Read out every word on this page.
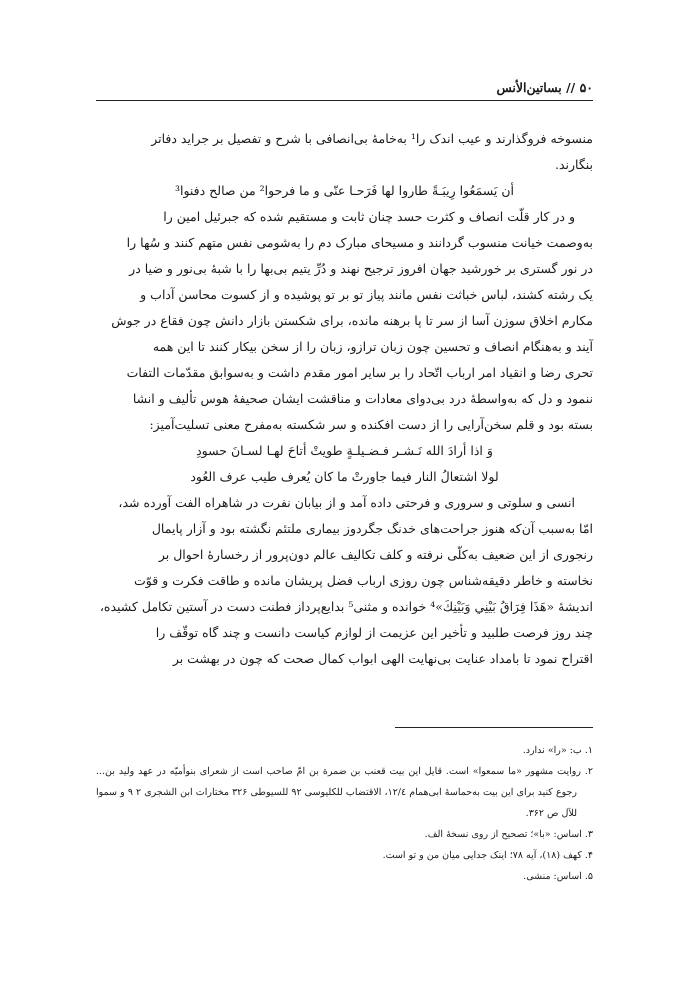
۵۰ // بساتین‌الأنس

منسوخه فروگذارند و عیب اندک را¹ به‌خامهٔ بی‌انصافی با شرح و تفصیل بر جراید دفاتر

بنگارند.

أن یَسمَعُوا رِیبَـةً طاروا لها فَرَحـا عنّی و ما فرحوا² من صالح دفنوا³

و در کار قلّت انصاف و کثرت حسد چنان ثابت و مستقیم شده که جبرئیل امین را

به‌وصمت خیانت منسوب گردانند و مسیحای مبارک دم را به‌شومی نفس متهم کنند و سُها را

در نور گستری بر خورشید جهان افروز ترجیح نهند و دُرِّ یتیم بی‌بها را با شبهٔ بی‌نور و ضیا در

یک رشته کشند، لباس خباثت نفس مانند پیاز تو بر تو پوشیده و از کسوت محاسن آداب و

مکارم اخلاق سوزن آسا از سر تا پا برهنه مانده، برای شکستن بازار دانش چون فقاع در جوش

آیند و به‌هنگام انصاف و تحسین چون زبان ترازو، زبان را از سخن بیکار کنند تا این همه

تحری رضا و انقیاد امر ارباب اتّحاد را بر سایر امور مقدم داشت و به‌سوابق مقدّمات التفات

ننمود و دل که به‌واسطهٔ درد بی‌دوای معادات و مناقشت ایشان صحیفهٔ هوس تألیف و انشا

بسته بود و قلم سخن‌آرایی را از دست افکنده و سر شکسته به‌مفرح معنی تسلیت‌آمیز:

وَ اذا أرادَ الله نَـشـر فـضـیلـةٍ طویتْ أتاحَ لهـا لسـانَ حسودِ
لولا اشتعالُ النار فیما جاورتْ ما کان یُعرف طیب عرف العُود

انسی و سلوتی و سروری و فرحتی داده آمد و از بیابان نفرت در شاهراه الفت آورده شد،

امّا به‌سبب آن‌که هنوز جراحت‌های خدنگ جگردوز بیماری ملتئم نگشته بود و آزار پایمال

رنجوری از این ضعیف به‌کلّی نرفته و کلف تکالیف عالم دون‌پرور از رخسارهٔ احوال بر

نخاسته و خاطر دقیقه‌شناس چون روزی ارباب فضل پریشان مانده و طاقت فکرت و قوّت

اندیشهٔ «هَذَا فِرَاقُ بَيْنِي وَبَيْنِكَ»⁴ خوانده و مثنی⁵ بدایع‌پرداز فطنت دست در آستین تکامل کشیده،

چند روز فرصت طلبید و تأخیر این عزیمت از لوازم کیاست دانست و چند گاه توقّف را

اقتراح نمود تا بامداد عنایت بی‌نهایت الهی ابواب کمال صحت که چون در بهشت بر

۱. ب: «را» ندارد.

۲. روایت مشهور «ما سمعوا» است. قایل این بیت قعنب بن ضمرة بن امّ صاحب است از شعرای بنوأمیّه در عهد ولید بن... رجوع کنید برای این بیت به‌حماسهٔ ابی‌همام ۱۲/٤، الاقتضاب للکلیوسی ۹۲ للسیوطی ۳۲۶ مختارات ابن الشجری ۲ ۹ و سموا للآل ص ۳۶۲.

۳. اساس: «با»؛ تصحیح از روی نسخهٔ الف.

۴. کهف (۱۸)، آیه ۷۸؛ اینک جدایی میان من و تو است.

۵. اساس: منشی.
